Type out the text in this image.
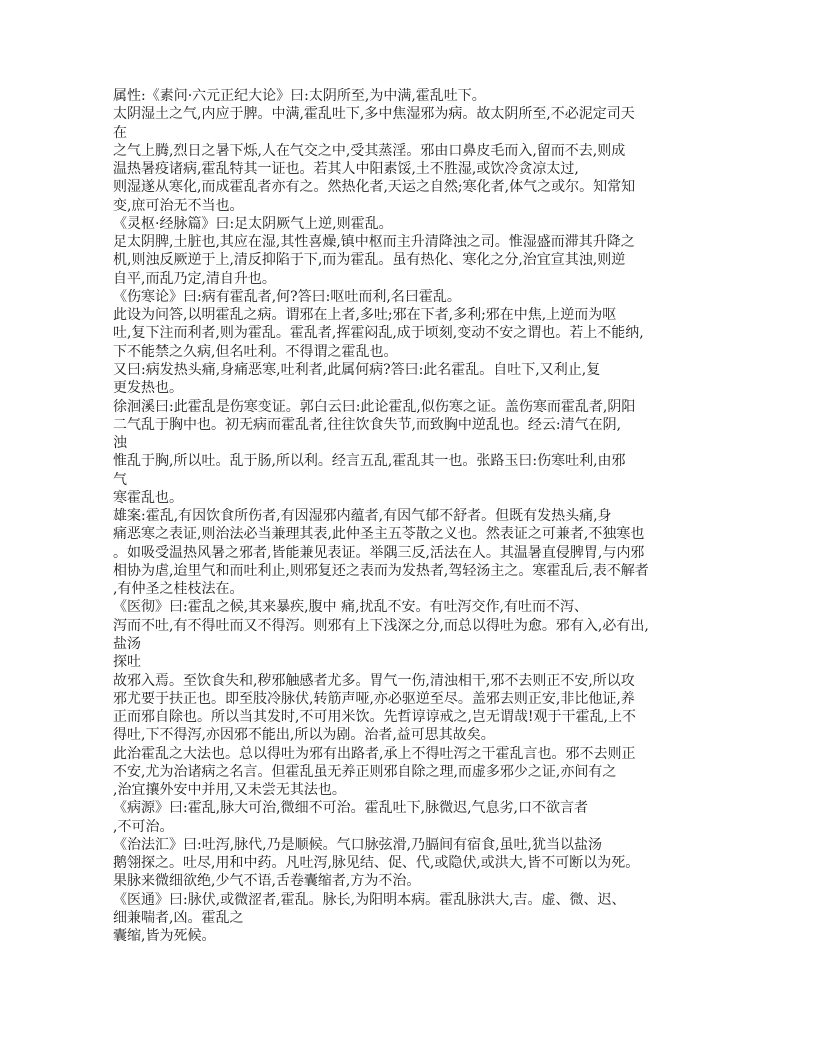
属性:《素问·六元正纪大论》曰:太阴所至,为中满,霍乱吐下。
太阴湿土之气,内应于脾。中满,霍乱吐下,多中焦湿邪为病。故太阴所至,不必泥定司天
在
之气上腾,烈日之暑下烁,人在气交之中,受其蒸淫。邪由口鼻皮毛而入,留而不去,则成
温热暑疫诸病,霍乱特其一证也。若其人中阳素馁,土不胜湿,或饮冷贪凉太过,
则湿遂从寒化,而成霍乱者亦有之。然热化者,天运之自然;寒化者,体气之或尔。知常知
变,庶可治无不当也。
《灵枢·经脉篇》曰:足太阴厥气上逆,则霍乱。
足太阴脾,土脏也,其应在湿,其性喜燥,镇中枢而主升清降浊之司。惟湿盛而滞其升降之
机,则浊反厥逆于上,清反抑陷于下,而为霍乱。虽有热化、寒化之分,治宜宣其浊,则逆
自平,而乱乃定,清自升也。
《伤寒论》曰:病有霍乱者,何?答曰:呕吐而利,名曰霍乱。
此设为问答,以明霍乱之病。谓邪在上者,多吐;邪在下者,多利;邪在中焦,上逆而为呕
吐,复下注而利者,则为霍乱。霍乱者,挥霍闷乱,成于顷刻,变动不安之谓也。若上不能纳,
下不能禁之久病,但名吐利。不得谓之霍乱也。
又曰:病发热头痛,身痛恶寒,吐利者,此属何病?答曰:此名霍乱。自吐下,又利止,复
更发热也。
徐洄溪曰:此霍乱是伤寒变证。郭白云曰:此论霍乱,似伤寒之证。盖伤寒而霍乱者,阴阳
二气乱于胸中也。初无病而霍乱者,往往饮食失节,而致胸中逆乱也。经云:清气在阴,
浊
惟乱于胸,所以吐。乱于肠,所以利。经言五乱,霍乱其一也。张路玉曰:伤寒吐利,由邪
气
寒霍乱也。
雄案:霍乱,有因饮食所伤者,有因湿邪内蕴者,有因气郁不舒者。但既有发热头痛,身
痛恶寒之表证,则治法必当兼理其表,此仲圣主五苓散之义也。然表证之可兼者,不独寒也
。如吸受温热风暑之邪者,皆能兼见表证。举隅三反,活法在人。其温暑直侵脾胃,与内邪
相协为虐,迨里气和而吐利止,则邪复还之表而为发热者,驾轻汤主之。寒霍乱后,表不解者
,有仲圣之桂枝法在。
《医彻》曰:霍乱之候,其来暴疾,腹中 痛,扰乱不安。有吐泻交作,有吐而不泻、
泻而不吐,有不得吐而又不得泻。则邪有上下浅深之分,而总以得吐为愈。邪有入,必有出,
盐汤
探吐
故邪入焉。至饮食失和,秽邪触感者尤多。胃气一伤,清浊相干,邪不去则正不安,所以攻
邪尤要于扶正也。即至肢冷脉伏,转筋声哑,亦必驱逆至尽。盖邪去则正安,非比他证,养
正而邪自除也。所以当其发时,不可用米饮。先哲谆谆戒之,岂无谓哉!观于干霍乱,上不
得吐,下不得泻,亦因邪不能出,所以为剧。治者,益可思其故矣。
此治霍乱之大法也。总以得吐为邪有出路者,承上不得吐泻之干霍乱言也。邪不去则正
不安,尤为治诸病之名言。但霍乱虽无养正则邪自除之理,而虚多邪少之证,亦间有之
,治宜攘外安中并用,又未尝无其法也。
《病源》曰:霍乱,脉大可治,微细不可治。霍乱吐下,脉微迟,气息劣,口不欲言者
,不可治。
《治法汇》曰:吐泻,脉代,乃是顺候。气口脉弦滑,乃膈间有宿食,虽吐,犹当以盐汤
鹅翎探之。吐尽,用和中药。凡吐泻,脉见结、促、代,或隐伏,或洪大,皆不可断以为死。
果脉来微细欲绝,少气不语,舌卷囊缩者,方为不治。
《医通》曰:脉伏,或微涩者,霍乱。脉长,为阳明本病。霍乱脉洪大,吉。虚、微、迟、
细兼喘者,凶。霍乱之
囊缩,皆为死候。
